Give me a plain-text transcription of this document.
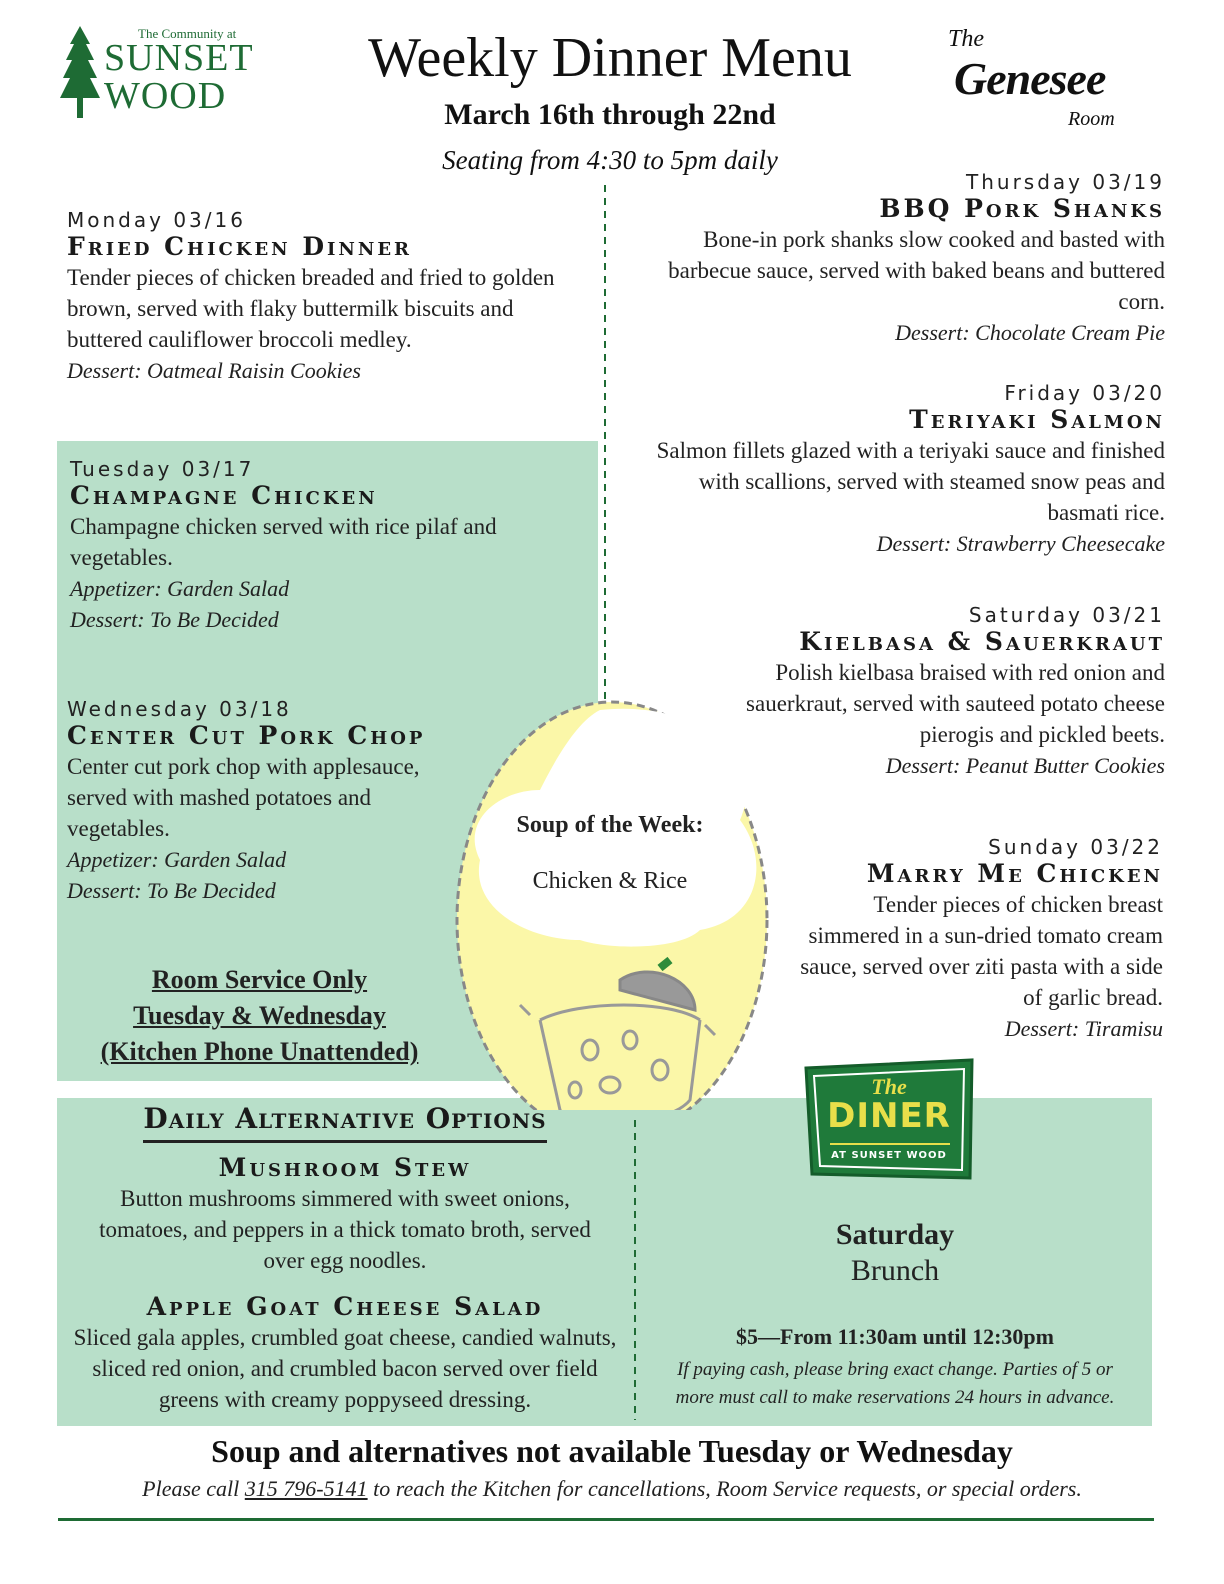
The Community at
SUNSET
WOOD
Weekly Dinner Menu
March 16th through 22nd
Seating from 4:30 to 5pm daily
The
Genesee
Room
Monday 03/16
Fried Chicken Dinner
Tender pieces of chicken breaded and fried to golden
brown, served with flaky buttermilk biscuits and
buttered cauliflower broccoli medley.
Dessert: Oatmeal Raisin Cookies
Tuesday 03/17
Champagne Chicken
Champagne chicken served with rice pilaf and
vegetables.
Appetizer: Garden Salad
Dessert: To Be Decided
Wednesday 03/18
Center Cut Pork Chop
Center cut pork chop with applesauce,
served with mashed potatoes and
vegetables.
Appetizer: Garden Salad
Dessert: To Be Decided
Room Service Only
Tuesday & Wednesday
(Kitchen Phone Unattended)
Soup of the Week:
Chicken & Rice
Thursday 03/19
BBQ Pork Shanks
Bone-in pork shanks slow cooked and basted with
barbecue sauce, served with baked beans and buttered
corn.
Dessert: Chocolate Cream Pie
Friday 03/20
Teriyaki Salmon
Salmon fillets glazed with a teriyaki sauce and finished
with scallions, served with steamed snow peas and
basmati rice.
Dessert: Strawberry Cheesecake
Saturday 03/21
Kielbasa & Sauerkraut
Polish kielbasa braised with red onion and
sauerkraut, served with sauteed potato cheese
pierogis and pickled beets.
Dessert: Peanut Butter Cookies
Sunday 03/22
Marry Me Chicken
Tender pieces of chicken breast
simmered in a sun-dried tomato cream
sauce, served over ziti pasta with a side
of garlic bread.
Dessert: Tiramisu
Daily Alternative Options
Mushroom Stew
Button mushrooms simmered with sweet onions,
tomatoes, and peppers in a thick tomato broth, served
over egg noodles.
Apple Goat Cheese Salad
Sliced gala apples, crumbled goat cheese, candied walnuts,
sliced red onion, and crumbled bacon served over field
greens with creamy poppyseed dressing.
The
DINER
AT SUNSET WOOD
Saturday
Brunch
$5—From 11:30am until 12:30pm
If paying cash, please bring exact change. Parties of 5 or
more must call to make reservations 24 hours in advance.
Soup and alternatives not available Tuesday or Wednesday
Please call 315 796-5141 to reach the Kitchen for cancellations, Room Service requests, or special orders.
